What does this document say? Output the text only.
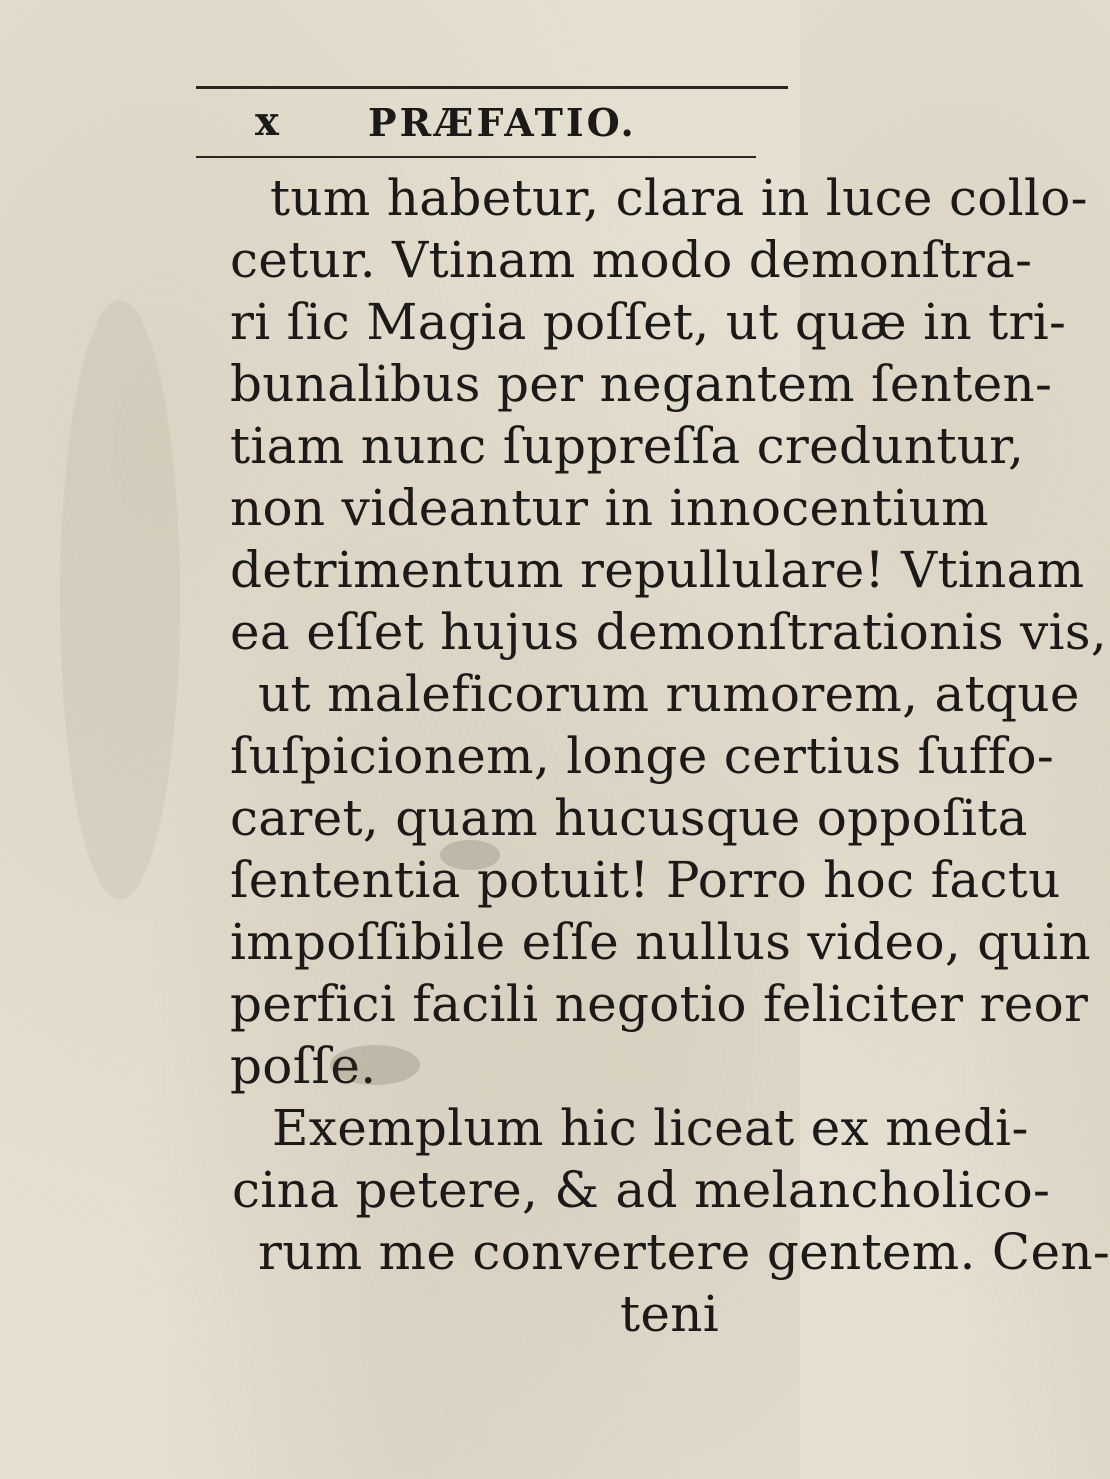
x PRÆFATIO.
tum habetur, clara in luce collo-
cetur. Vtinam modo demonſtra-
ri ſic Magia poſſet, ut quæ in tri-
bunalibus per negantem ſenten-
tiam nunc ſuppreſſa creduntur,
non videantur in innocentium
detrimentum repullulare! Vtinam
ea eſſet hujus demonſtrationis vis,
ut maleficorum rumorem, atque
ſuſpicionem, longe certius ſuffo-
caret, quam hucusque oppoſita
ſententia potuit! Porro hoc factu
impoſſibile eſſe nullus video, quin
perfici facili negotio feliciter reor
poſſe.
Exemplum hic liceat ex medi-
cina petere, & ad melancholico-
rum me convertere gentem. Cen-
teni
